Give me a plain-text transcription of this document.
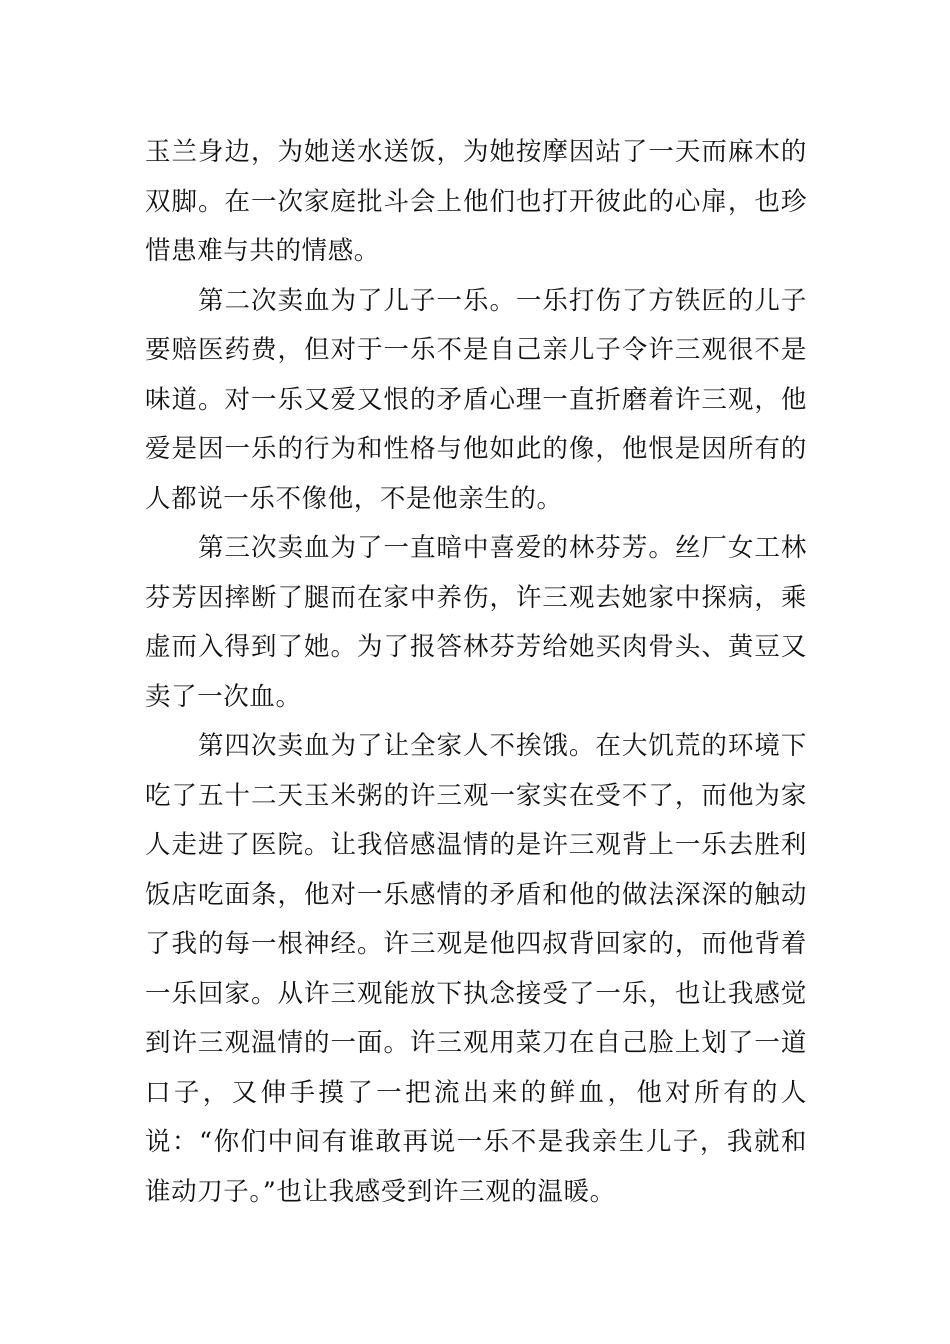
玉兰身边，为她送水送饭，为她按摩因站了一天而麻木的双脚。在一次家庭批斗会上他们也打开彼此的心扉，也珍惜患难与共的情感。

第二次卖血为了儿子一乐。一乐打伤了方铁匠的儿子要赔医药费，但对于一乐不是自己亲儿子令许三观很不是味道。对一乐又爱又恨的矛盾心理一直折磨着许三观，他爱是因一乐的行为和性格与他如此的像，他恨是因所有的人都说一乐不像他，不是他亲生的。

第三次卖血为了一直暗中喜爱的林芬芳。丝厂女工林芬芳因摔断了腿而在家中养伤，许三观去她家中探病，乘虚而入得到了她。为了报答林芬芳给她买肉骨头、黄豆又卖了一次血。

第四次卖血为了让全家人不挨饿。在大饥荒的环境下吃了五十二天玉米粥的许三观一家实在受不了，而他为家人走进了医院。让我倍感温情的是许三观背上一乐去胜利饭店吃面条，他对一乐感情的矛盾和他的做法深深的触动了我的每一根神经。许三观是他四叔背回家的，而他背着一乐回家。从许三观能放下执念接受了一乐，也让我感觉到许三观温情的一面。许三观用菜刀在自己脸上划了一道口子，又伸手摸了一把流出来的鲜血，他对所有的人说：“你们中间有谁敢再说一乐不是我亲生儿子，我就和谁动刀子。”也让我感受到许三观的温暖。
